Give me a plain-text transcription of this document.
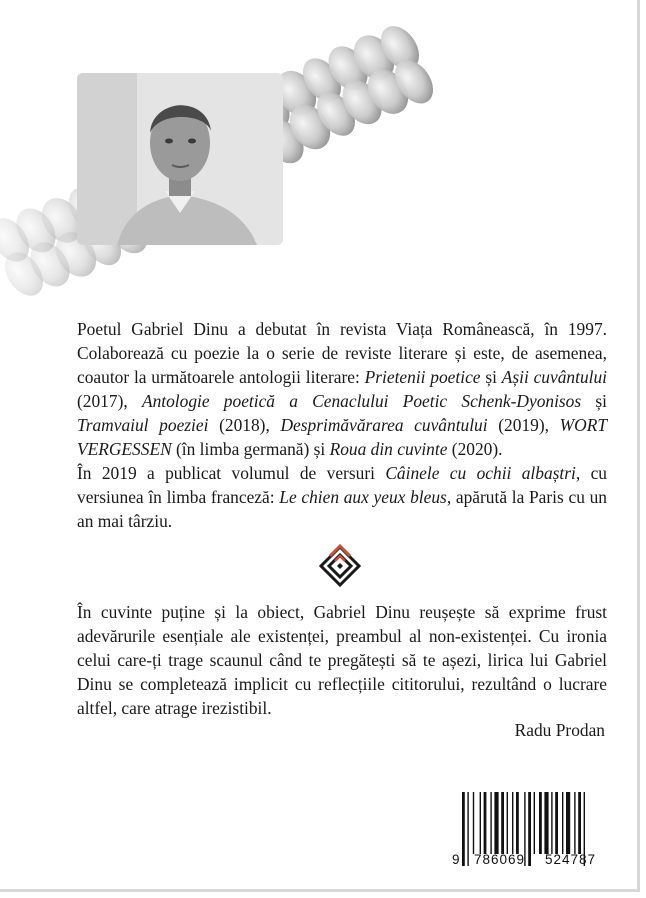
Poetul Gabriel Dinu a debutat în revista Viața Românească, în 1997. Colaborează cu poezie la o serie de reviste literare și este, de asemenea, coautor la următoarele antologii literare: Prietenii poetice și Așii cuvântului (2017), Antologie poetică a Cenaclului Poetic Schenk-Dyonisos și Tramvaiul poeziei (2018), Desprimăvărarea cuvântului (2019), WORT VERGESSEN (în limba germană) și Roua din cuvinte (2020).

În 2019 a publicat volumul de versuri Câinele cu ochii albaștri, cu versiunea în limba franceză: Le chien aux yeux bleus, apărută la Paris cu un an mai târziu.

În cuvinte puține și la obiect, Gabriel Dinu reușește să exprime frust adevărurile esențiale ale existenței, preambul al non-existenței. Cu ironia celui care-ți trage scaunul când te pregătești să te așezi, lirica lui Gabriel Dinu se completează implicit cu reflecțiile cititorului, rezultând o lucrare altfel, care atrage irezistibil.

Radu Prodan
9 786069 524787
